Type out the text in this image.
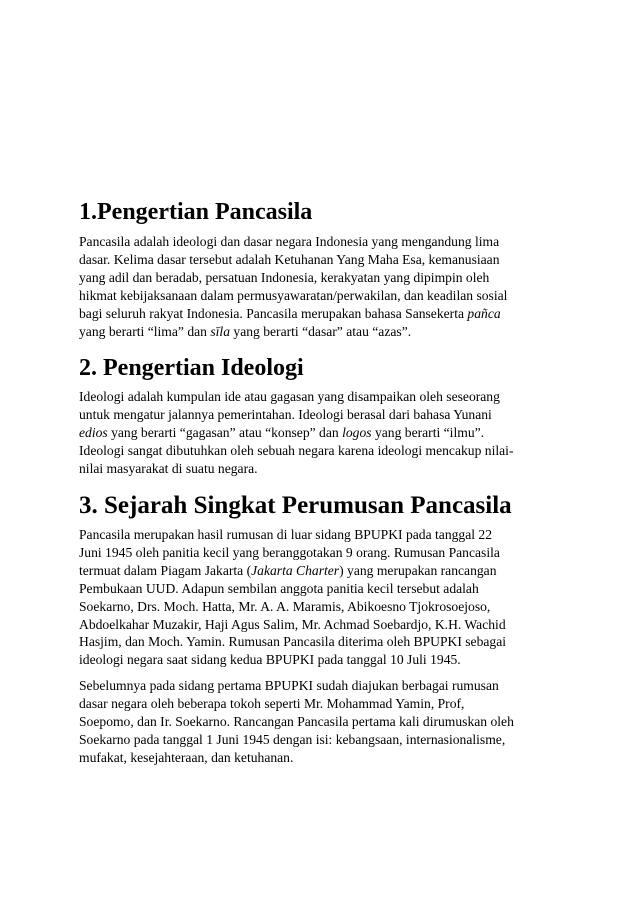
1.Pengertian Pancasila

Pancasila adalah ideologi dan dasar negara Indonesia yang mengandung lima
dasar. Kelima dasar tersebut adalah Ketuhanan Yang Maha Esa, kemanusiaan
yang adil dan beradab, persatuan Indonesia, kerakyatan yang dipimpin oleh
hikmat kebijaksanaan dalam permusyawaratan/perwakilan, dan keadilan sosial
bagi seluruh rakyat Indonesia. Pancasila merupakan bahasa Sansekerta pañca
yang berarti “lima” dan sīla yang berarti “dasar” atau “azas”.

2. Pengertian Ideologi

Ideologi adalah kumpulan ide atau gagasan yang disampaikan oleh seseorang
untuk mengatur jalannya pemerintahan. Ideologi berasal dari bahasa Yunani
edios yang berarti “gagasan” atau “konsep” dan logos yang berarti “ilmu”.
Ideologi sangat dibutuhkan oleh sebuah negara karena ideologi mencakup nilai-
nilai masyarakat di suatu negara.

3. Sejarah Singkat Perumusan Pancasila

Pancasila merupakan hasil rumusan di luar sidang BPUPKI pada tanggal 22
Juni 1945 oleh panitia kecil yang beranggotakan 9 orang. Rumusan Pancasila
termuat dalam Piagam Jakarta (Jakarta Charter) yang merupakan rancangan
Pembukaan UUD. Adapun sembilan anggota panitia kecil tersebut adalah
Soekarno, Drs. Moch. Hatta, Mr. A. A. Maramis, Abikoesno Tjokrosoejoso,
Abdoelkahar Muzakir, Haji Agus Salim, Mr. Achmad Soebardjo, K.H. Wachid
Hasjim, dan Moch. Yamin. Rumusan Pancasila diterima oleh BPUPKI sebagai
ideologi negara saat sidang kedua BPUPKI pada tanggal 10 Juli 1945.

Sebelumnya pada sidang pertama BPUPKI sudah diajukan berbagai rumusan
dasar negara oleh beberapa tokoh seperti Mr. Mohammad Yamin, Prof,
Soepomo, dan Ir. Soekarno. Rancangan Pancasila pertama kali dirumuskan oleh
Soekarno pada tanggal 1 Juni 1945 dengan isi: kebangsaan, internasionalisme,
mufakat, kesejahteraan, dan ketuhanan.
